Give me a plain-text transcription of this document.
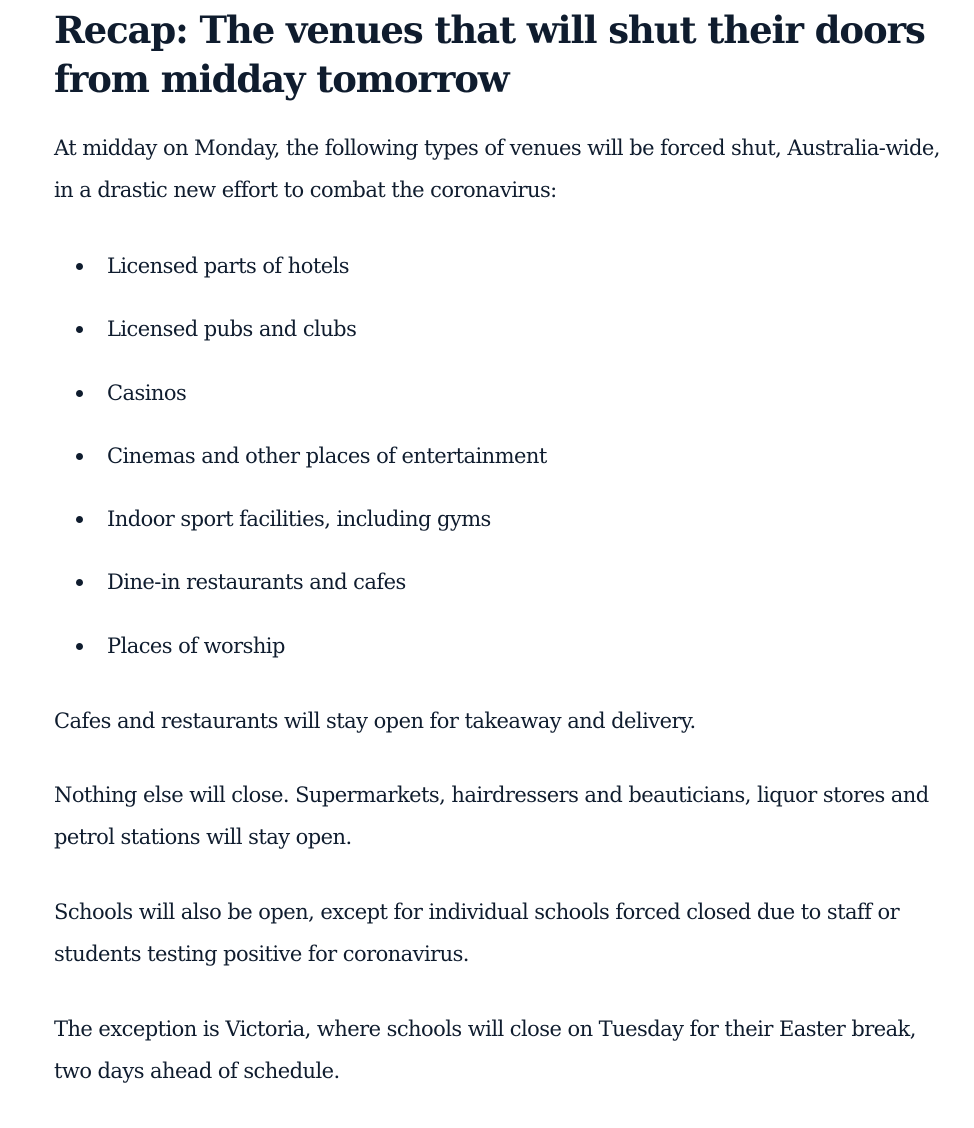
Recap: The venues that will shut their doors from midday tomorrow

At midday on Monday, the following types of venues will be forced shut, Australia-wide, in a drastic new effort to combat the coronavirus:

Licensed parts of hotels
Licensed pubs and clubs
Casinos
Cinemas and other places of entertainment
Indoor sport facilities, including gyms
Dine-in restaurants and cafes
Places of worship

Cafes and restaurants will stay open for takeaway and delivery.

Nothing else will close. Supermarkets, hairdressers and beauticians, liquor stores and petrol stations will stay open.

Schools will also be open, except for individual schools forced closed due to staff or students testing positive for coronavirus.

The exception is Victoria, where schools will close on Tuesday for their Easter break, two days ahead of schedule.
